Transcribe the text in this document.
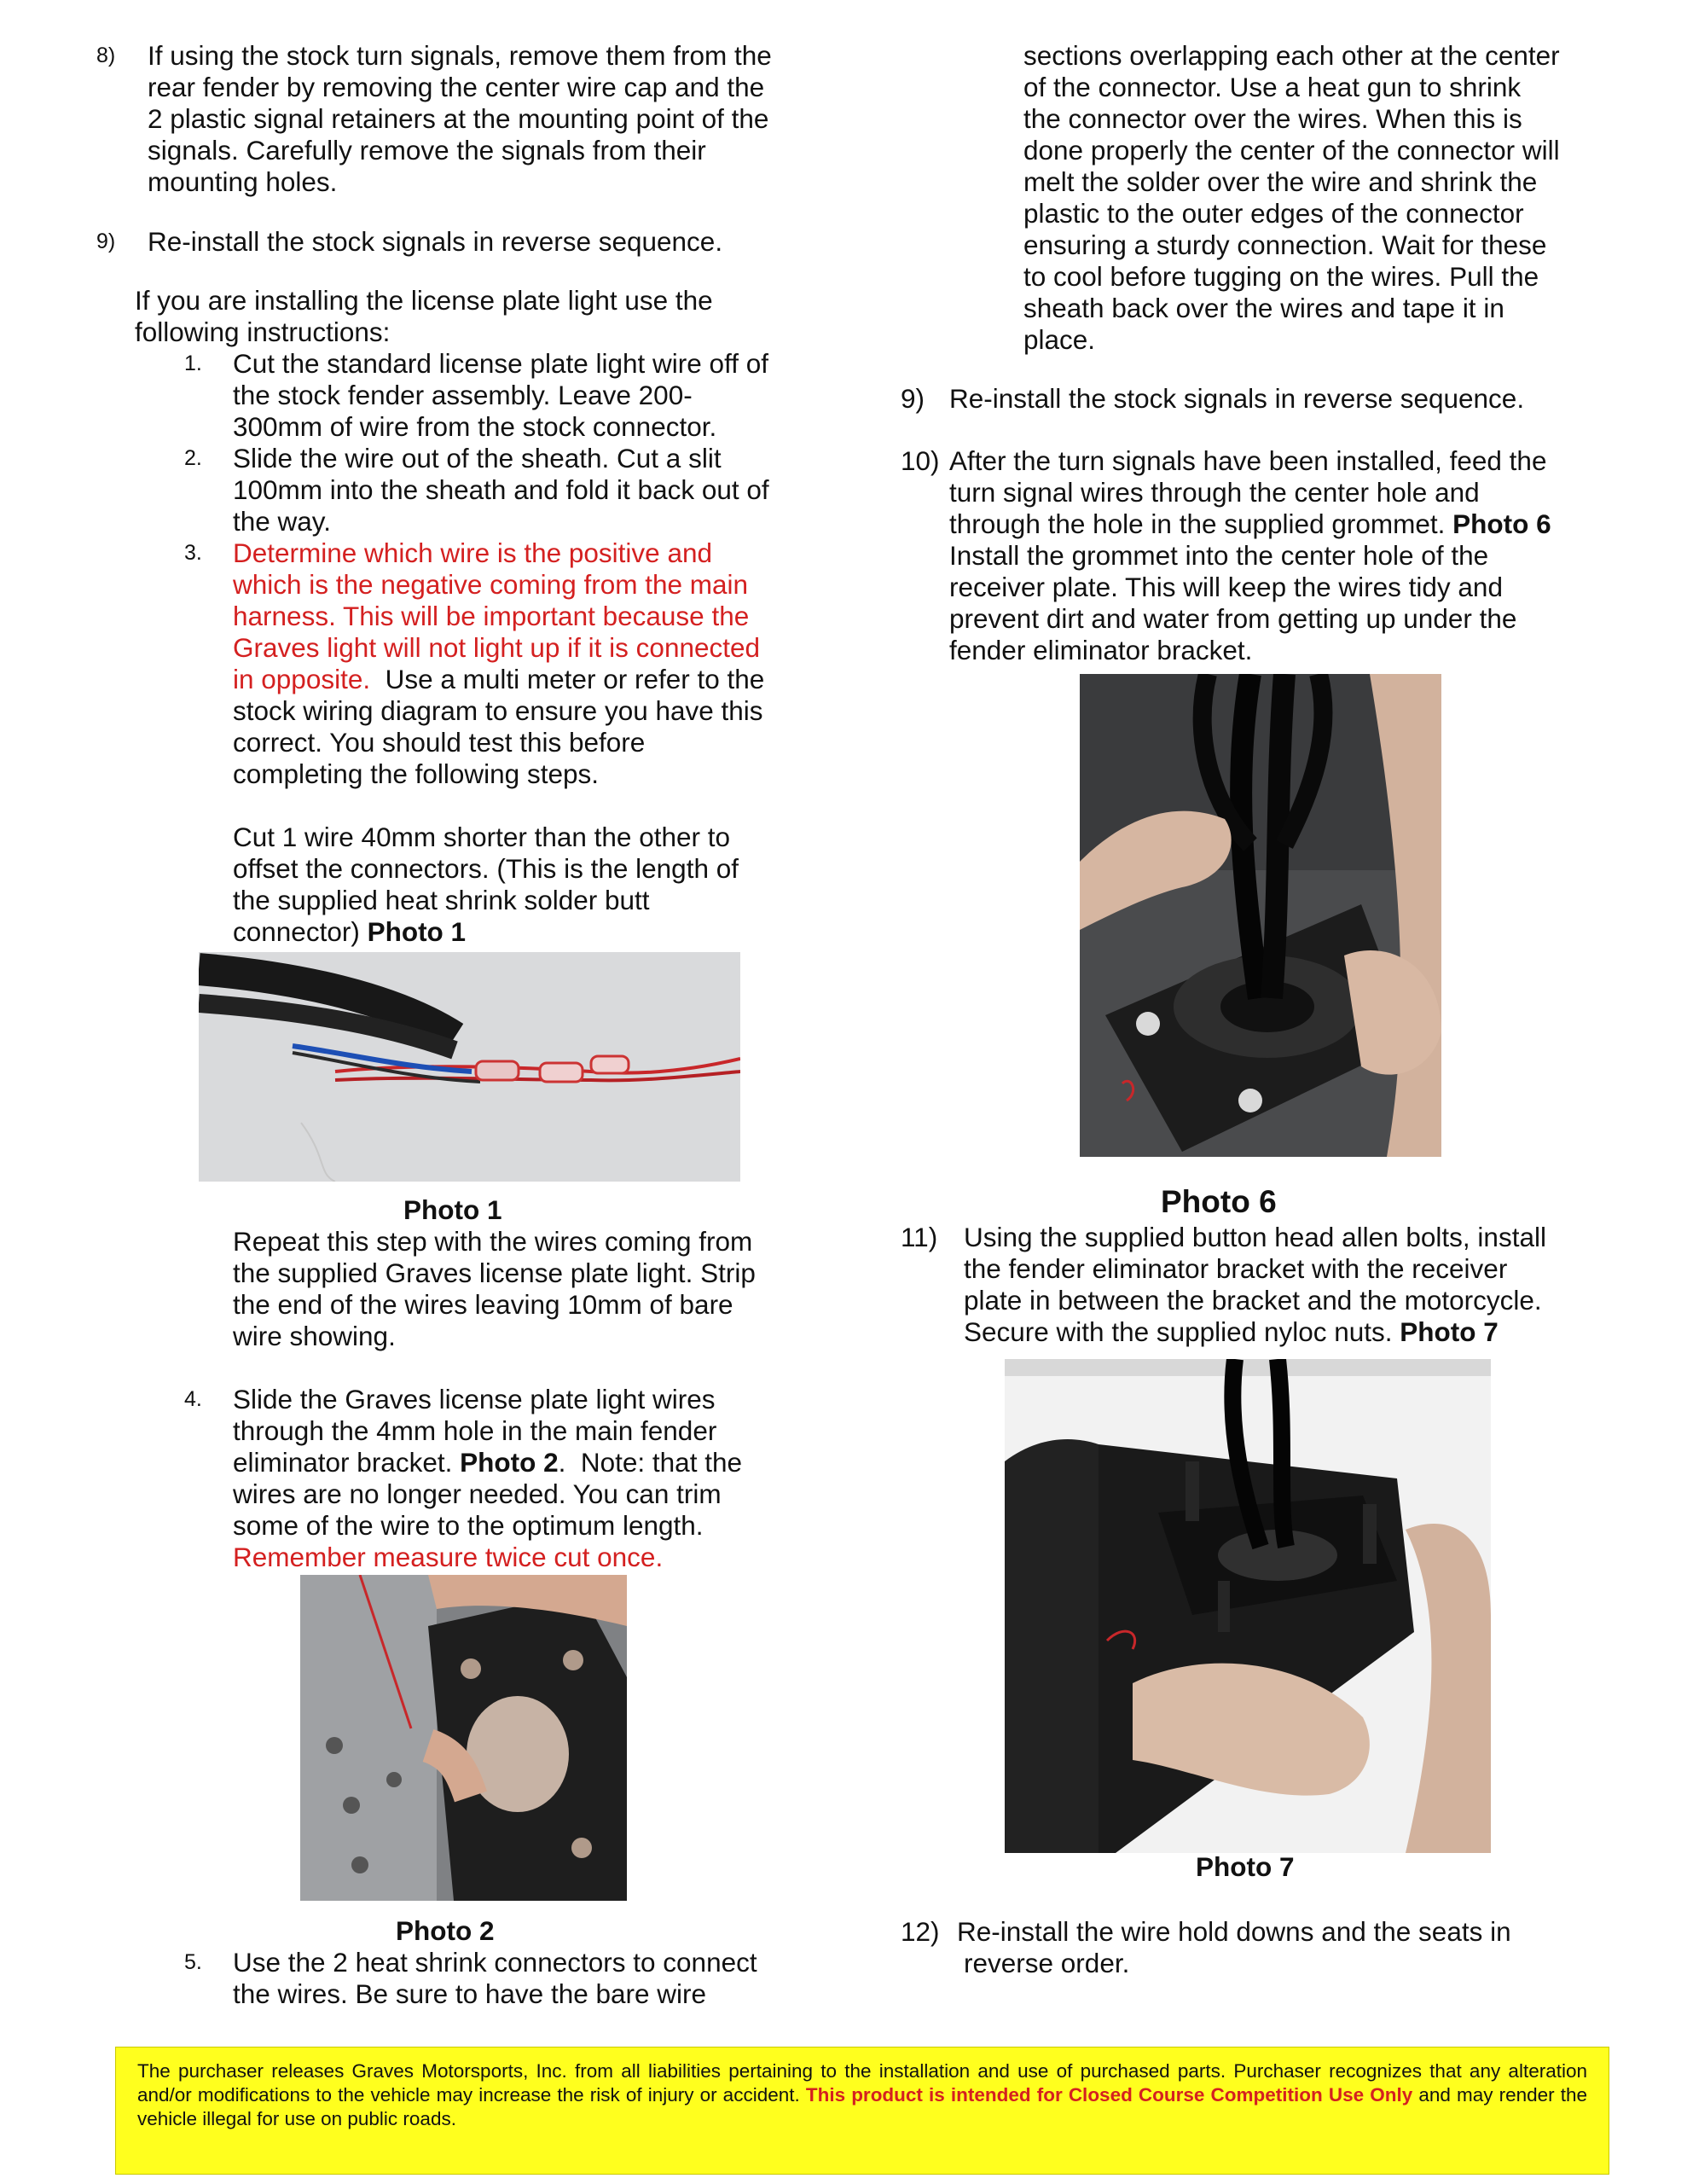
8) If using the stock turn signals, remove them from the
rear fender by removing the center wire cap and the
2 plastic signal retainers at the mounting point of the
signals. Carefully remove the signals from their
mounting holes.
9) Re-install the stock signals in reverse sequence.
If you are installing the license plate light use the
following instructions:
1. Cut the standard license plate light wire off of
the stock fender assembly. Leave 200-
300mm of wire from the stock connector.
2. Slide the wire out of the sheath. Cut a slit
100mm into the sheath and fold it back out of
the way.
3. Determine which wire is the positive and
which is the negative coming from the main
harness. This will be important because the
Graves light will not light up if it is connected
in opposite.  Use a multi meter or refer to the
stock wiring diagram to ensure you have this
correct. You should test this before
completing the following steps.
Cut 1 wire 40mm shorter than the other to
offset the connectors. (This is the length of
the supplied heat shrink solder butt
connector) Photo 1
Photo 1
Repeat this step with the wires coming from
the supplied Graves license plate light. Strip
the end of the wires leaving 10mm of bare
wire showing.
4. Slide the Graves license plate light wires
through the 4mm hole in the main fender
eliminator bracket. Photo 2.  Note: that the
wires are no longer needed. You can trim
some of the wire to the optimum length.
Remember measure twice cut once.
Photo 2
5. Use the 2 heat shrink connectors to connect
the wires. Be sure to have the bare wire
sections overlapping each other at the center
of the connector. Use a heat gun to shrink
the connector over the wires. When this is
done properly the center of the connector will
melt the solder over the wire and shrink the
plastic to the outer edges of the connector
ensuring a sturdy connection. Wait for these
to cool before tugging on the wires. Pull the
sheath back over the wires and tape it in
place.
9) Re-install the stock signals in reverse sequence.
10) After the turn signals have been installed, feed the
turn signal wires through the center hole and
through the hole in the supplied grommet. Photo 6
Install the grommet into the center hole of the
receiver plate. This will keep the wires tidy and
prevent dirt and water from getting up under the
fender eliminator bracket.
Photo 6
11) Using the supplied button head allen bolts, install
the fender eliminator bracket with the receiver
plate in between the bracket and the motorcycle.
Secure with the supplied nyloc nuts. Photo 7
Photo 7
12) Re-install the wire hold downs and the seats in
reverse order.
The purchaser releases Graves Motorsports, Inc. from all liabilities pertaining to the installation and use of purchased parts. Purchaser recognizes that any alteration and/or modifications to the vehicle may increase the risk of injury or accident. This product is intended for Closed Course Competition Use Only and may render the vehicle illegal for use on public roads.
